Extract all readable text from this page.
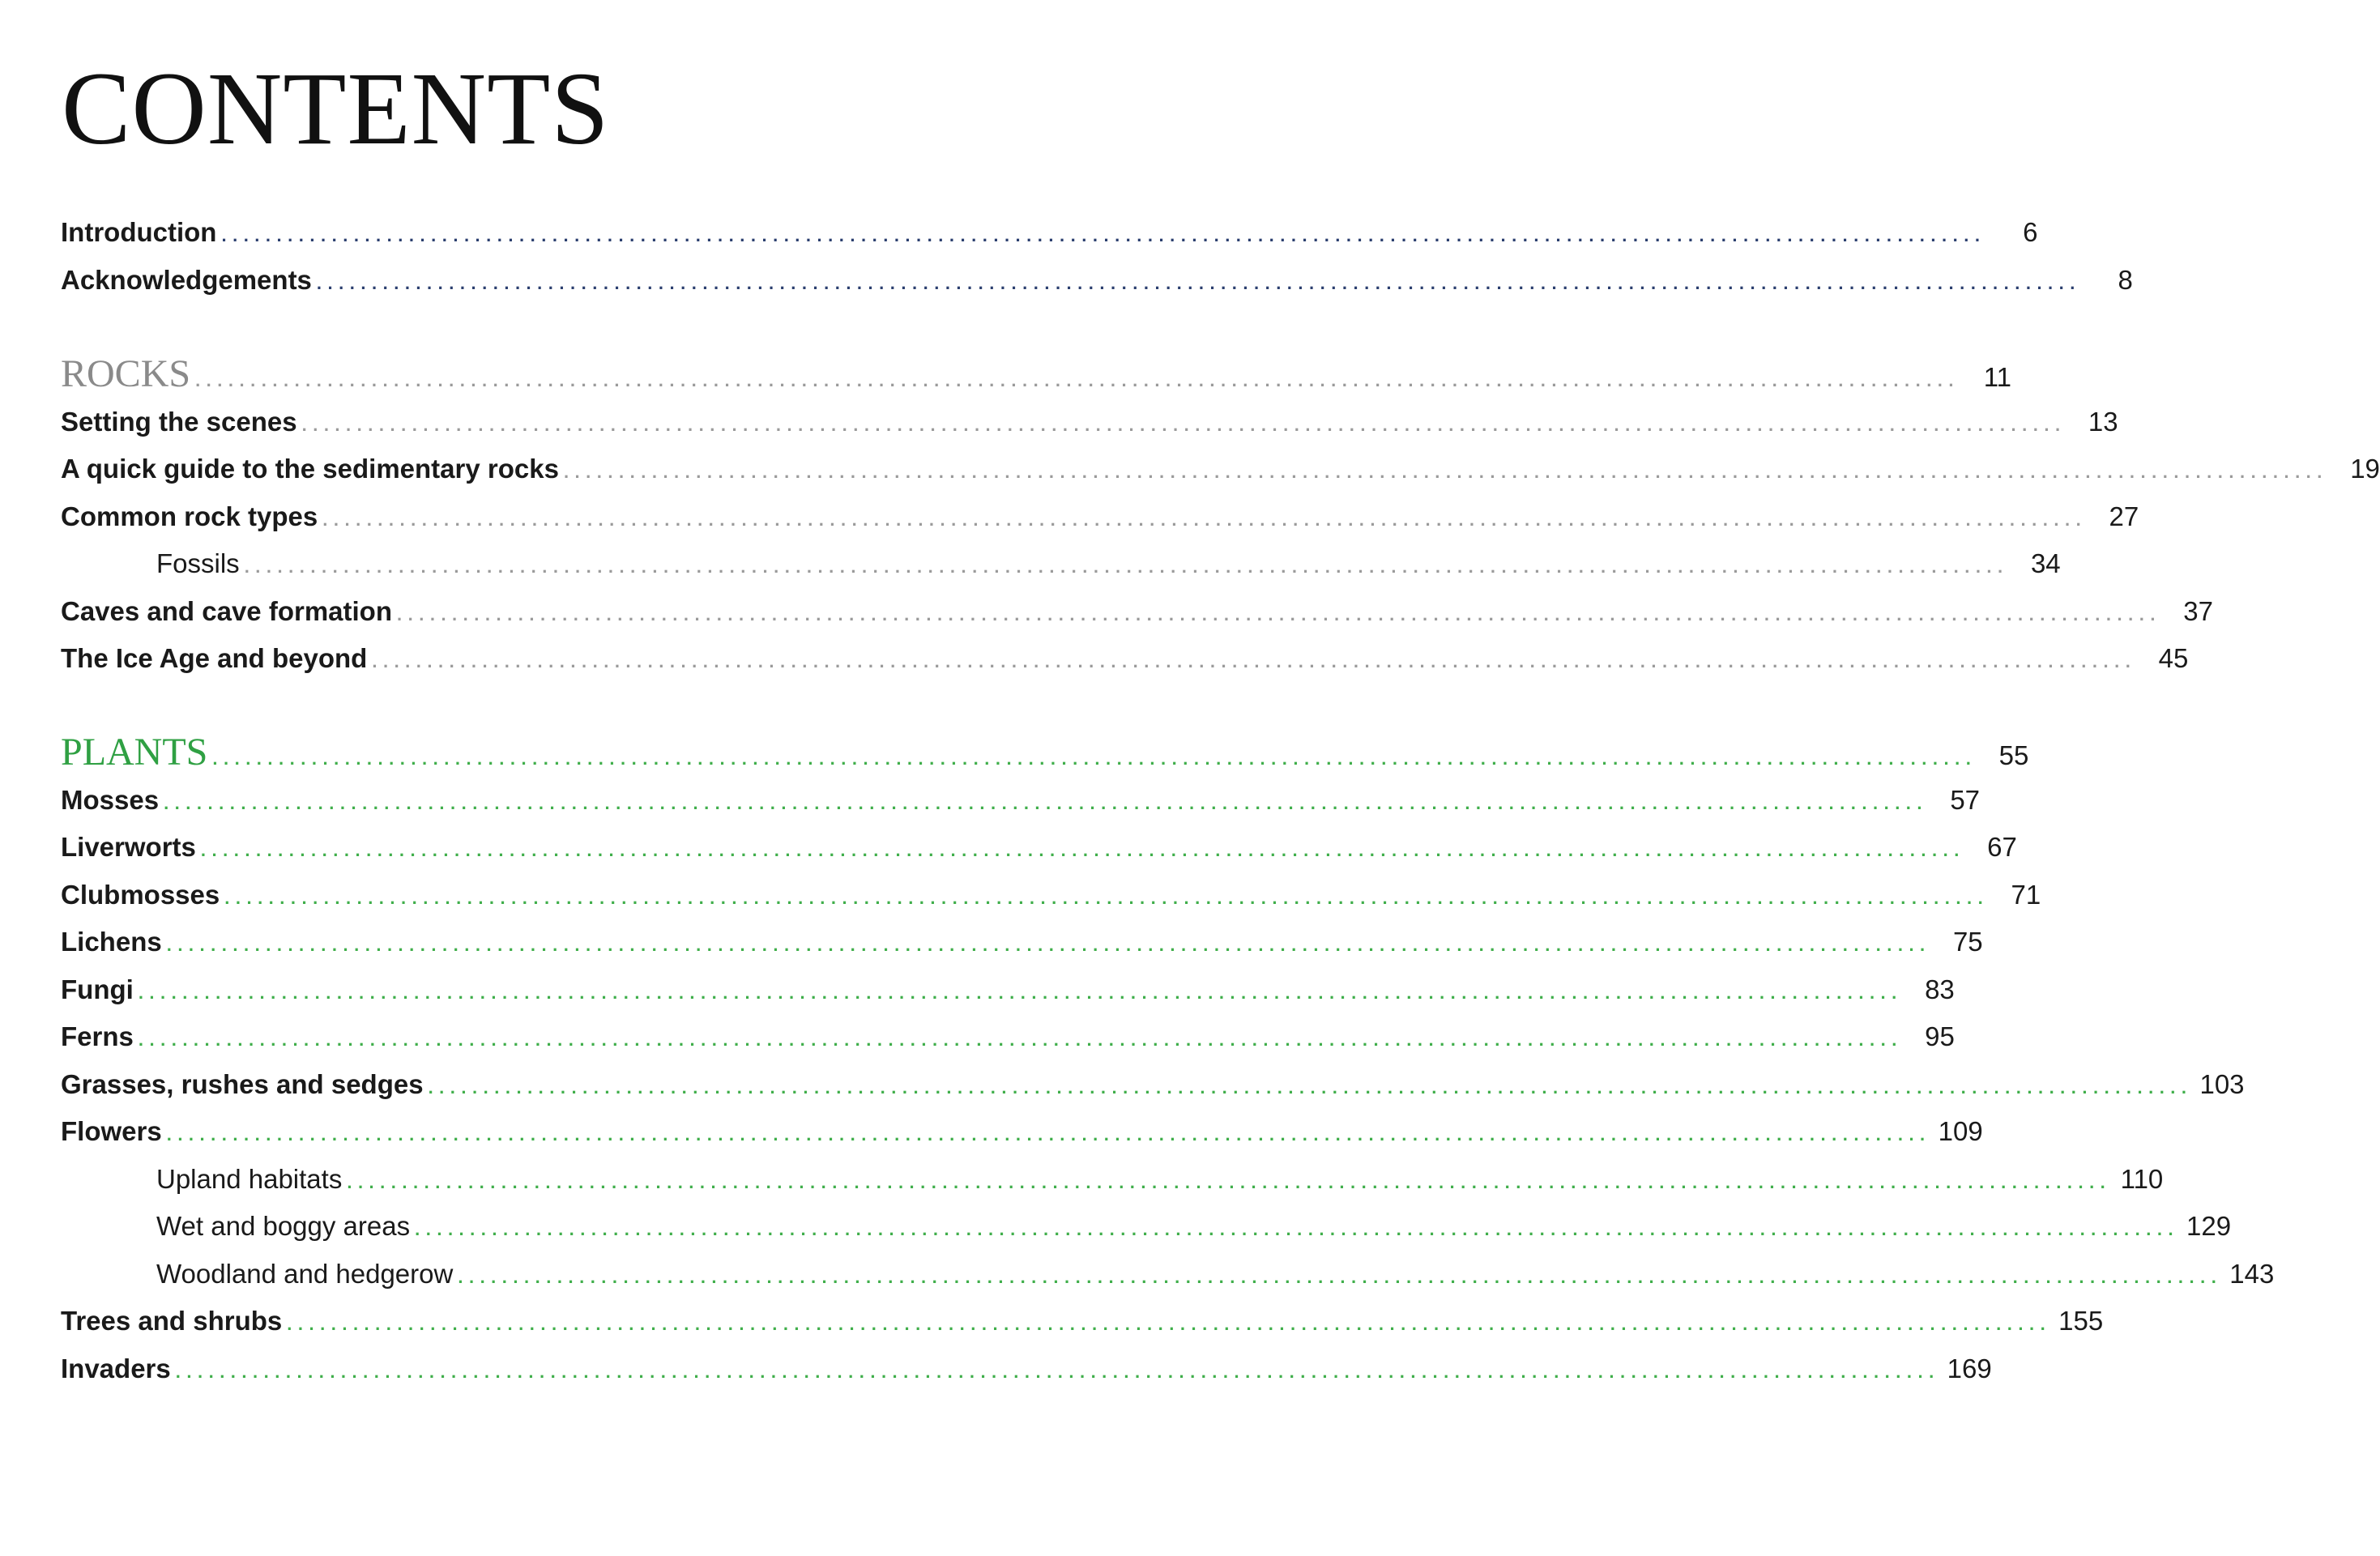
CONTENTS
Introduction ................................................................................................................................................................	6
Acknowledgements ................................................................................................................................................................	8
ROCKS ................................................................................................................................................................ 11
Setting the scenes ................................................................................................................................................................ 13
A quick guide to the sedimentary rocks ................................................................................................................................................................ 19
Common rock types ................................................................................................................................................................ 27
Fossils ................................................................................................................................................................ 34
Caves and cave formation ................................................................................................................................................................ 37
The Ice Age and beyond ................................................................................................................................................................ 45
PLANTS ................................................................................................................................................................ 55
Mosses ................................................................................................................................................................ 57
Liverworts ................................................................................................................................................................ 67
Clubmosses ................................................................................................................................................................ 71
Lichens ................................................................................................................................................................ 75
Fungi ................................................................................................................................................................ 83
Ferns ................................................................................................................................................................ 95
Grasses, rushes and sedges ................................................................................................................................................................ 103
Flowers ................................................................................................................................................................ 109
Upland habitats ................................................................................................................................................................ 110
Wet and boggy areas ................................................................................................................................................................ 129
Woodland and hedgerow ................................................................................................................................................................ 143
Trees and shrubs ................................................................................................................................................................ 155
Invaders ................................................................................................................................................................ 169
